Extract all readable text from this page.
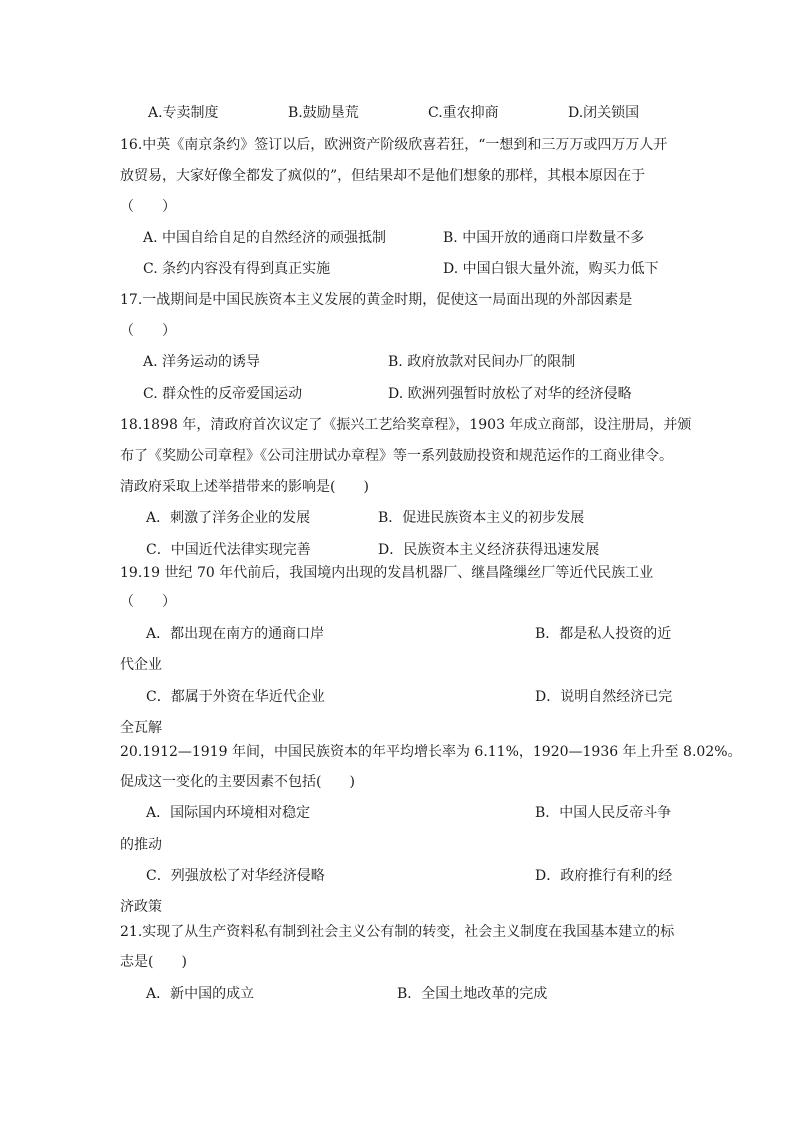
A.专卖制度	B.鼓励垦荒	C.重农抑商	D.闭关锁国
16.中英《南京条约》签订以后，欧洲资产阶级欣喜若狂，“一想到和三万万或四万万人开
放贸易，大家好像全都发了疯似的”，但结果却不是他们想象的那样，其根本原因在于
（　　）
A. 中国自给自足的自然经济的顽强抵制	B. 中国开放的通商口岸数量不多
C. 条约内容没有得到真正实施	D. 中国白银大量外流，购买力低下
17.一战期间是中国民族资本主义发展的黄金时期，促使这一局面出现的外部因素是
（　　）
A. 洋务运动的诱导	B. 政府放款对民间办厂的限制
C. 群众性的反帝爱国运动	D. 欧洲列强暂时放松了对华的经济侵略
18.1898 年，清政府首次议定了《振兴工艺给奖章程》，1903 年成立商部，设注册局，并颁
布了《奖励公司章程》《公司注册试办章程》等一系列鼓励投资和规范运作的工商业律令。
清政府采取上述举措带来的影响是(　　)
A．刺激了洋务企业的发展	B．促进民族资本主义的初步发展
C．中国近代法律实现完善	D．民族资本主义经济获得迅速发展
19.19 世纪 70 年代前后，我国境内出现的发昌机器厂、继昌隆缫丝厂等近代民族工业
（　　）
A．都出现在南方的通商口岸	B．都是私人投资的近
代企业
C．都属于外资在华近代企业	D．说明自然经济已完
全瓦解
20.1912—1919 年间，中国民族资本的年平均增长率为 6.11%，1920—1936 年上升至 8.02%。
促成这一变化的主要因素不包括(　　)
A．国际国内环境相对稳定	B．中国人民反帝斗争
的推动
C．列强放松了对华经济侵略	D．政府推行有利的经
济政策
21.实现了从生产资料私有制到社会主义公有制的转变，社会主义制度在我国基本建立的标
志是(　　)
A．新中国的成立	B．全国土地改革的完成
